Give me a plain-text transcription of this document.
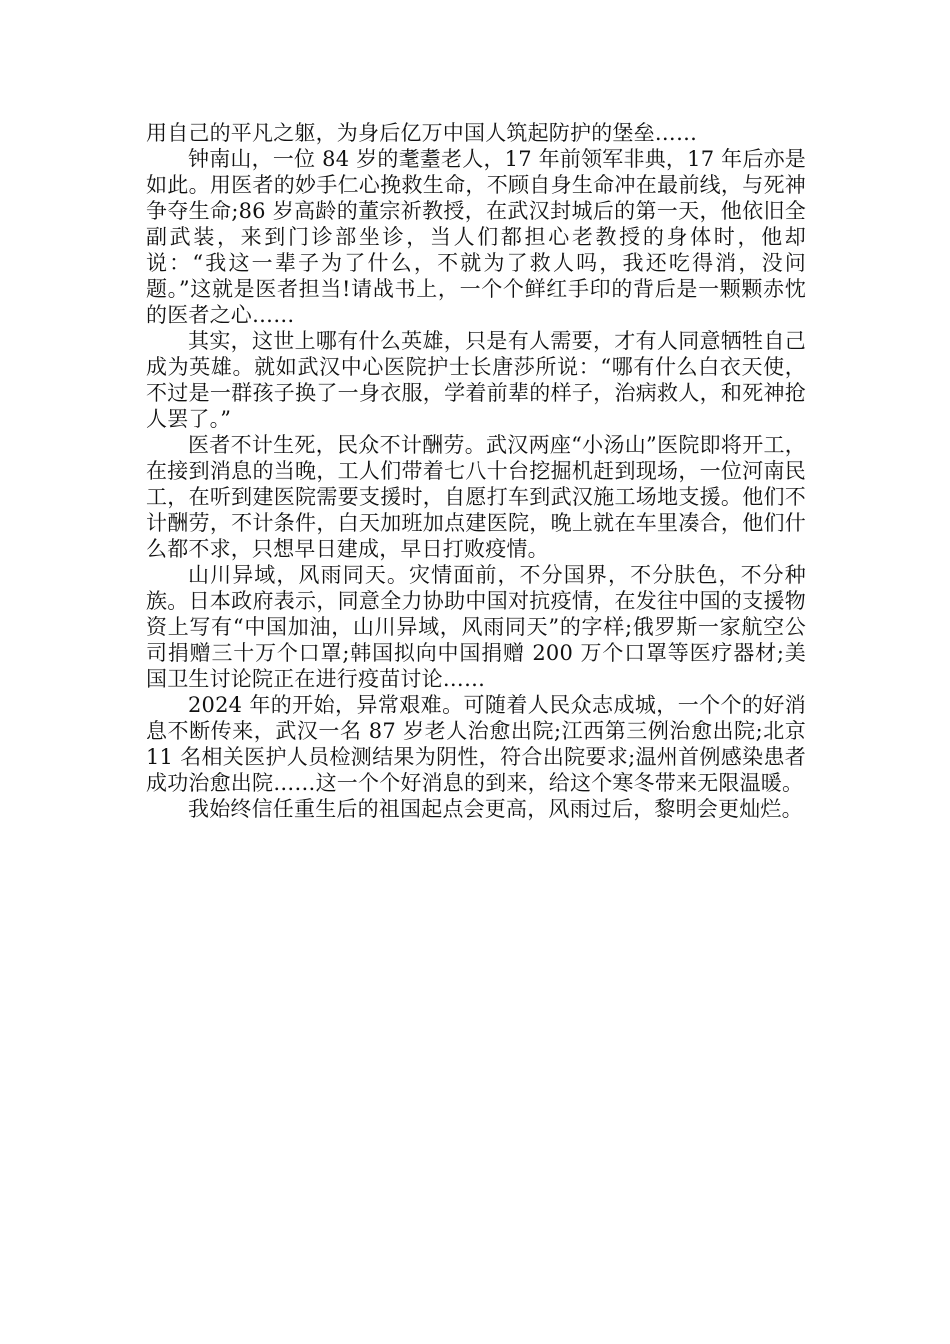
用自己的平凡之躯，为身后亿万中国人筑起防护的堡垒……

钟南山，一位 84 岁的耄耋老人，17 年前领军非典，17 年后亦是如此。用医者的妙手仁心挽救生命，不顾自身生命冲在最前线，与死神争夺生命;86 岁高龄的董宗祈教授，在武汉封城后的第一天，他依旧全副武装，来到门诊部坐诊，当人们都担心老教授的身体时，他却说：“我这一辈子为了什么，不就为了救人吗，我还吃得消，没问题。”这就是医者担当!请战书上，一个个鲜红手印的背后是一颗颗赤忱的医者之心……

其实，这世上哪有什么英雄，只是有人需要，才有人同意牺牲自己成为英雄。就如武汉中心医院护士长唐莎所说：“哪有什么白衣天使，不过是一群孩子换了一身衣服，学着前辈的样子，治病救人，和死神抢人罢了。”

医者不计生死，民众不计酬劳。武汉两座“小汤山”医院即将开工，在接到消息的当晚，工人们带着七八十台挖掘机赶到现场，一位河南民工，在听到建医院需要支援时，自愿打车到武汉施工场地支援。他们不计酬劳，不计条件，白天加班加点建医院，晚上就在车里凑合，他们什么都不求，只想早日建成，早日打败疫情。

山川异域，风雨同天。灾情面前，不分国界，不分肤色，不分种族。日本政府表示，同意全力协助中国对抗疫情，在发往中国的支援物资上写有“中国加油，山川异域，风雨同天”的字样;俄罗斯一家航空公司捐赠三十万个口罩;韩国拟向中国捐赠 200 万个口罩等医疗器材;美国卫生讨论院正在进行疫苗讨论……

2024 年的开始，异常艰难。可随着人民众志成城，一个个的好消息不断传来，武汉一名 87 岁老人治愈出院;江西第三例治愈出院;北京 11 名相关医护人员检测结果为阴性，符合出院要求;温州首例感染患者成功治愈出院……这一个个好消息的到来，给这个寒冬带来无限温暖。

我始终信任重生后的祖国起点会更高，风雨过后，黎明会更灿烂。
